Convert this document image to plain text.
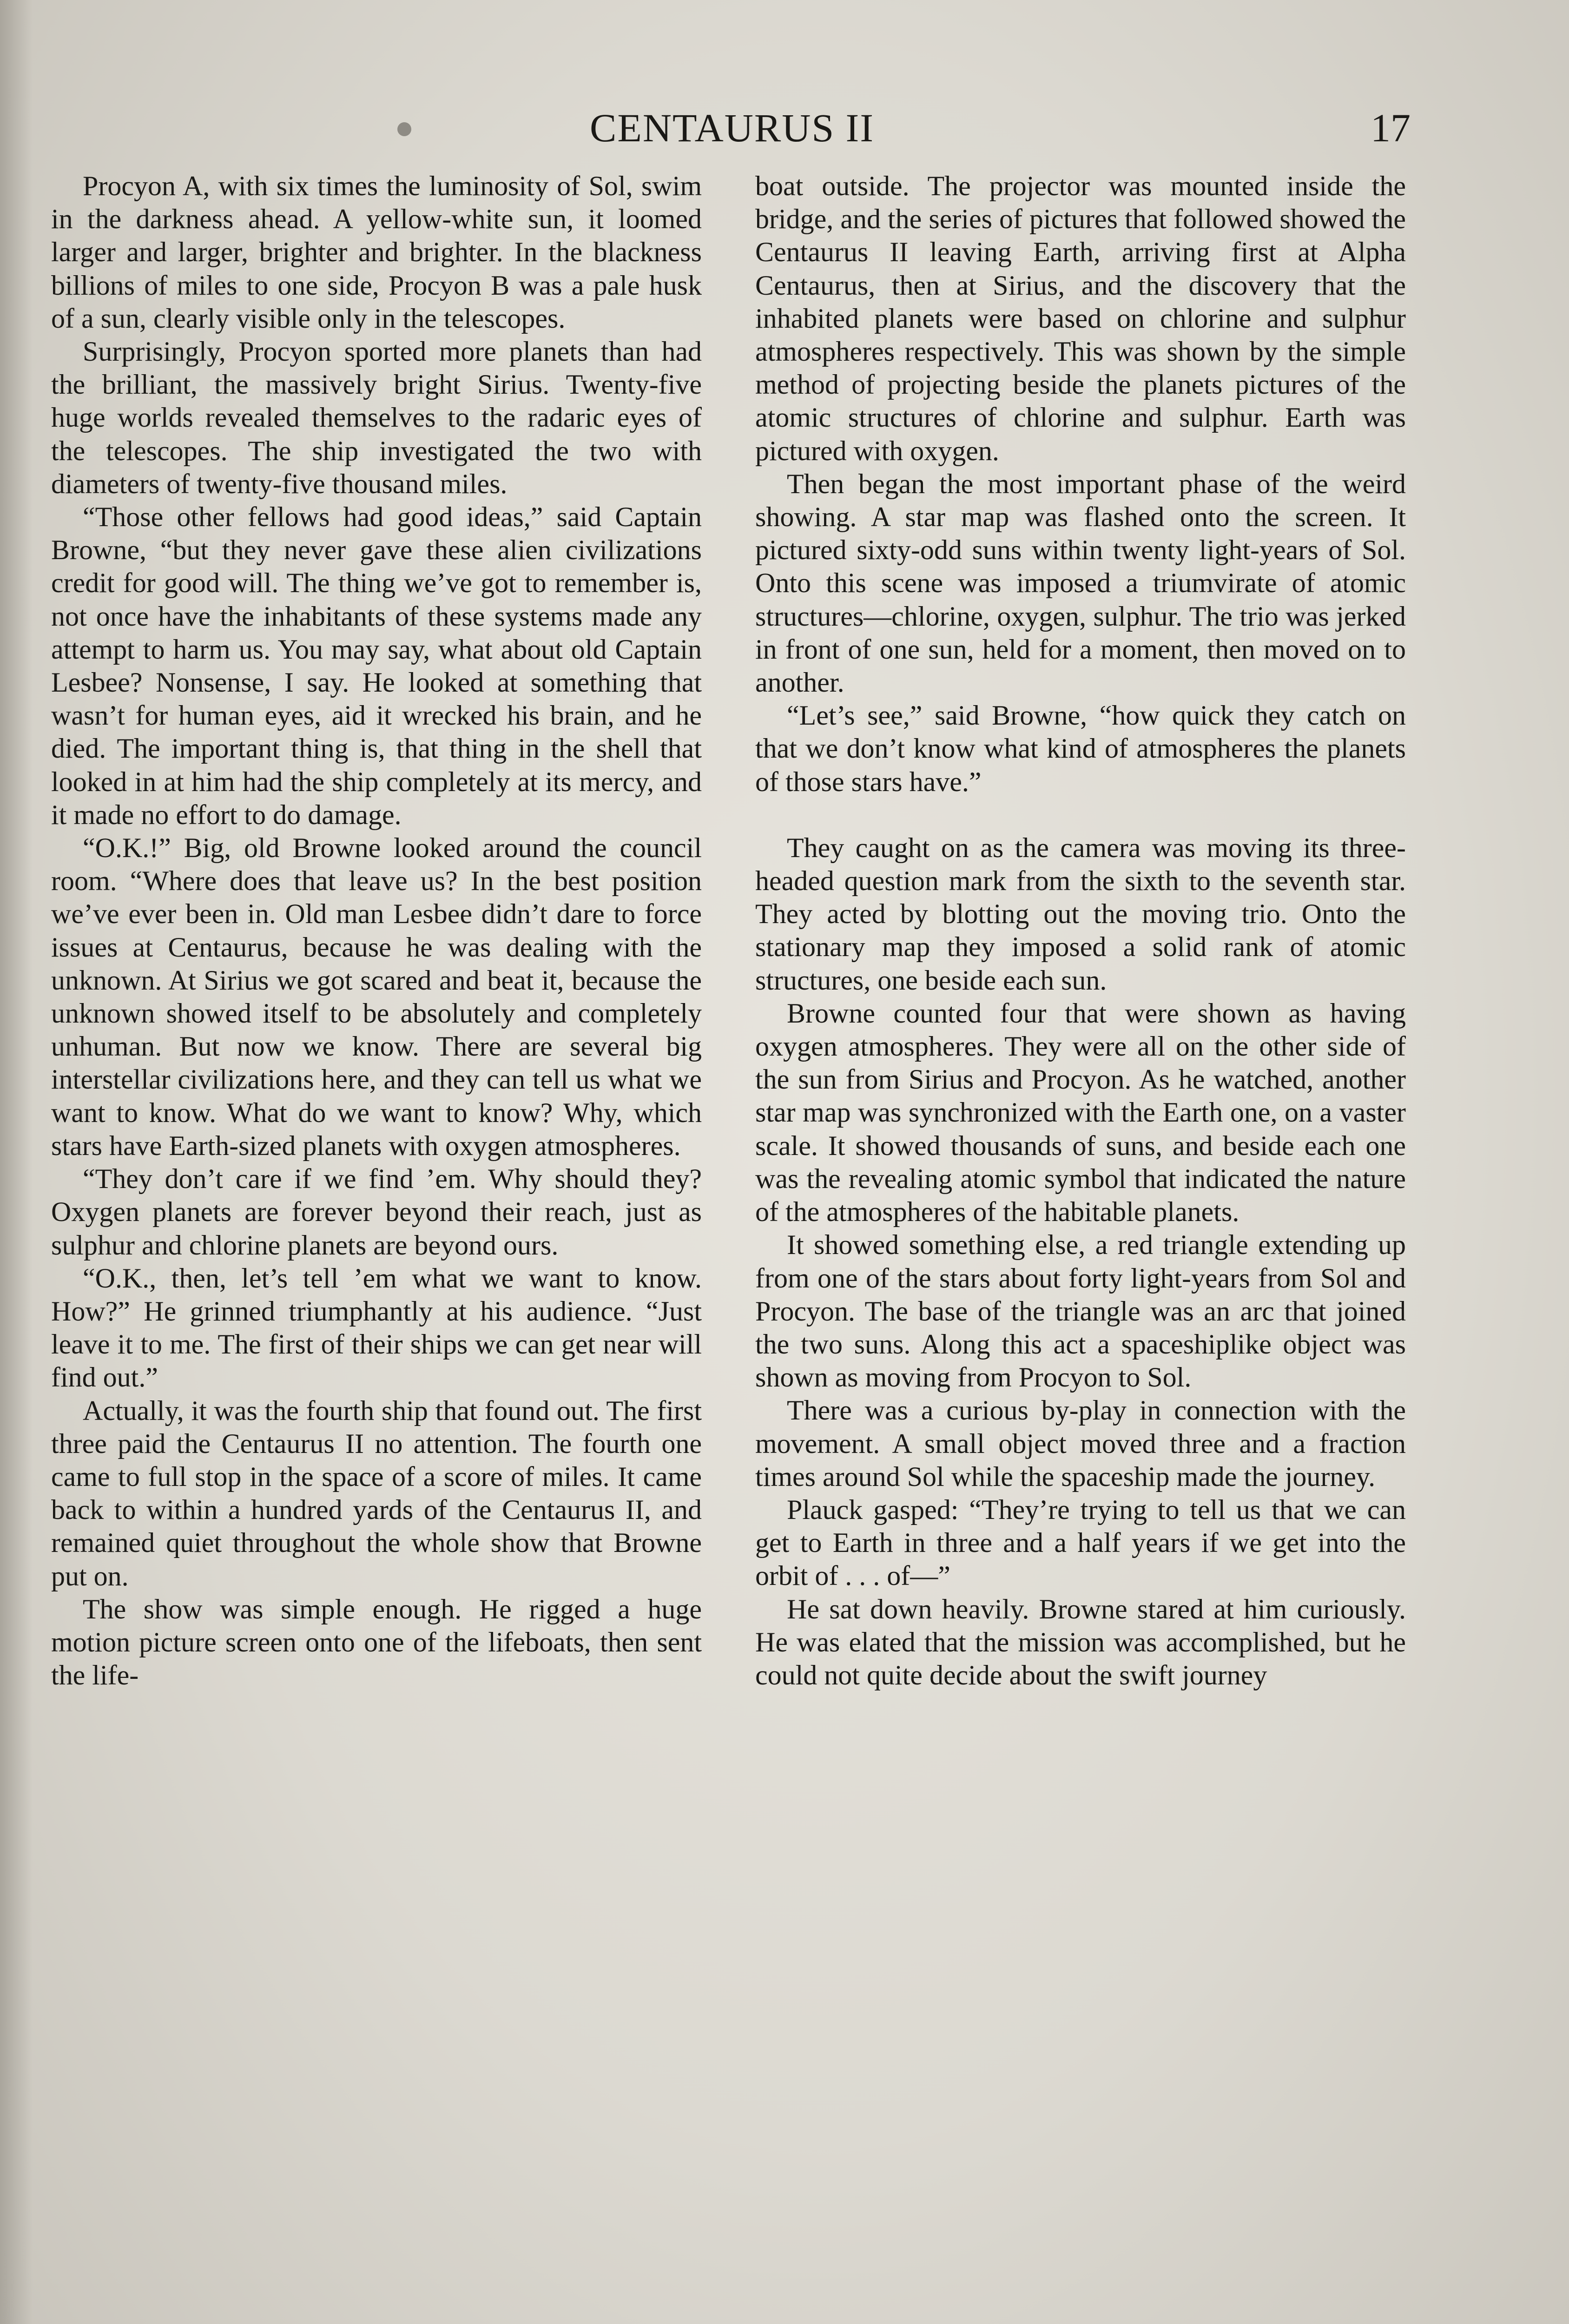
CENTAURUS II	17

Procyon A, with six times the luminosity of Sol, swim in the darkness ahead. A yellow-white sun, it loomed larger and larger, brighter and brighter. In the blackness billions of miles to one side, Procyon B was a pale husk of a sun, clearly visible only in the telescopes.

Surprisingly, Procyon sported more planets than had the brilliant, the massively bright Sirius. Twenty-five huge worlds revealed themselves to the radaric eyes of the telescopes. The ship investigated the two with diameters of twenty-five thousand miles.

“Those other fellows had good ideas,” said Captain Browne, “but they never gave these alien civilizations credit for good will. The thing we’ve got to remember is, not once have the inhabitants of these systems made any attempt to harm us. You may say, what about old Captain Lesbee? Nonsense, I say. He looked at something that wasn’t for human eyes, aid it wrecked his brain, and he died. The important thing is, that thing in the shell that looked in at him had the ship completely at its mercy, and it made no effort to do damage.

“O.K.!” Big, old Browne looked around the council room. “Where does that leave us? In the best position we’ve ever been in. Old man Lesbee didn’t dare to force issues at Centaurus, because he was dealing with the unknown. At Sirius we got scared and beat it, because the unknown showed itself to be absolutely and completely unhuman. But now we know. There are several big interstellar civilizations here, and they can tell us what we want to know. What do we want to know? Why, which stars have Earth-sized planets with oxygen atmospheres.

“They don’t care if we find ’em. Why should they? Oxygen planets are forever beyond their reach, just as sulphur and chlorine planets are beyond ours.

“O.K., then, let’s tell ’em what we want to know. How?” He grinned triumphantly at his audience. “Just leave it to me. The first of their ships we can get near will find out.”

Actually, it was the fourth ship that found out. The first three paid the Centaurus II no attention. The fourth one came to full stop in the space of a score of miles. It came back to within a hundred yards of the Centaurus II, and remained quiet throughout the whole show that Browne put on.

The show was simple enough. He rigged a huge motion picture screen onto one of the lifeboats, then sent the life-

boat outside. The projector was mounted inside the bridge, and the series of pictures that followed showed the Centaurus II leaving Earth, arriving first at Alpha Centaurus, then at Sirius, and the discovery that the inhabited planets were based on chlorine and sulphur atmospheres respectively. This was shown by the simple method of projecting beside the planets pictures of the atomic structures of chlorine and sulphur. Earth was pictured with oxygen.

Then began the most important phase of the weird showing. A star map was flashed onto the screen. It pictured sixty-odd suns within twenty light-years of Sol. Onto this scene was imposed a triumvirate of atomic structures—chlorine, oxygen, sulphur. The trio was jerked in front of one sun, held for a moment, then moved on to another.

“Let’s see,” said Browne, “how quick they catch on that we don’t know what kind of atmospheres the planets of those stars have.”

They caught on as the camera was moving its three-headed question mark from the sixth to the seventh star. They acted by blotting out the moving trio. Onto the stationary map they imposed a solid rank of atomic structures, one beside each sun.

Browne counted four that were shown as having oxygen atmospheres. They were all on the other side of the sun from Sirius and Procyon. As he watched, another star map was synchronized with the Earth one, on a vaster scale. It showed thousands of suns, and beside each one was the revealing atomic symbol that indicated the nature of the atmospheres of the habitable planets.

It showed something else, a red triangle extending up from one of the stars about forty light-years from Sol and Procyon. The base of the triangle was an arc that joined the two suns. Along this act a spaceshiplike object was shown as moving from Procyon to Sol.

There was a curious by-play in connection with the movement. A small object moved three and a fraction times around Sol while the spaceship made the journey.

Plauck gasped: “They’re trying to tell us that we can get to Earth in three and a half years if we get into the orbit of . . . of—”

He sat down heavily. Browne stared at him curiously. He was elated that the mission was accomplished, but he could not quite decide about the swift journey
